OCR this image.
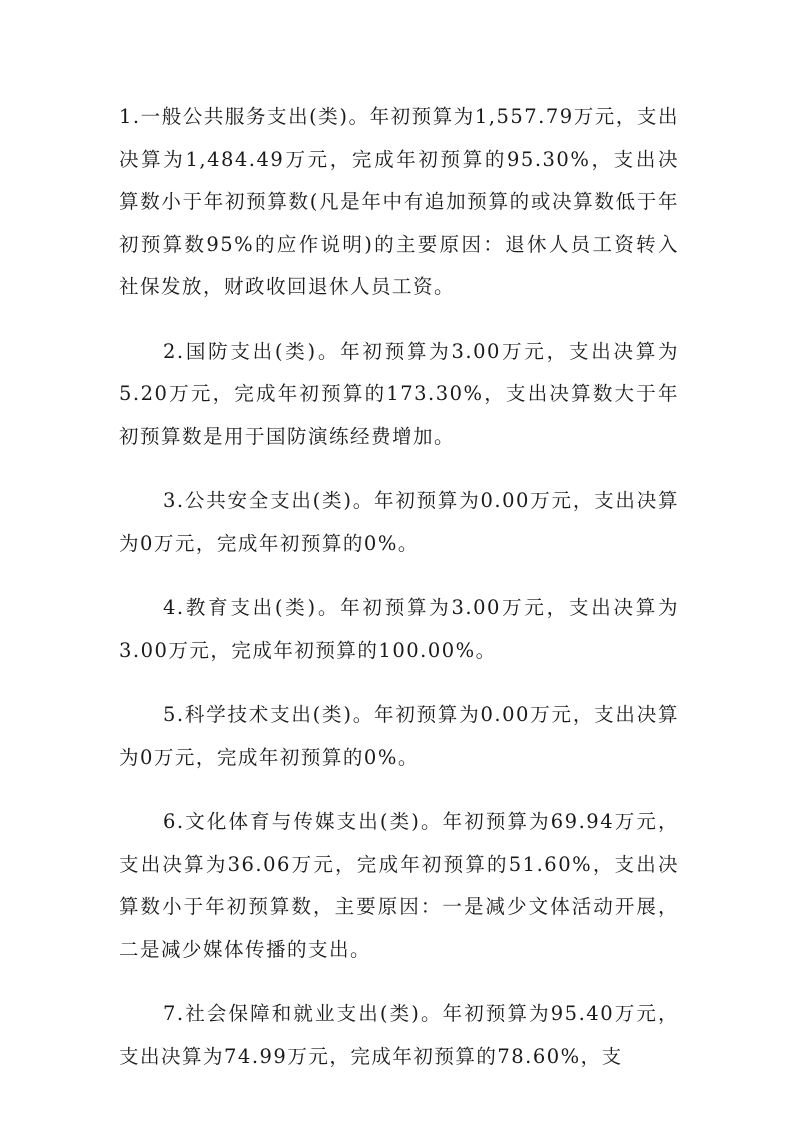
1.一般公共服务支出(类)。年初预算为1,557.79万元，支出决算为1,484.49万元，完成年初预算的95.30%，支出决算数小于年初预算数(凡是年中有追加预算的或决算数低于年初预算数95%的应作说明)的主要原因：退休人员工资转入社保发放，财政收回退休人员工资。

2.国防支出(类)。年初预算为3.00万元，支出决算为5.20万元，完成年初预算的173.30%，支出决算数大于年初预算数是用于国防演练经费增加。

3.公共安全支出(类)。年初预算为0.00万元，支出决算为0万元，完成年初预算的0%。

4.教育支出(类)。年初预算为3.00万元，支出决算为3.00万元，完成年初预算的100.00%。

5.科学技术支出(类)。年初预算为0.00万元，支出决算为0万元，完成年初预算的0%。

6.文化体育与传媒支出(类)。年初预算为69.94万元，支出决算为36.06万元，完成年初预算的51.60%，支出决算数小于年初预算数，主要原因：一是减少文体活动开展，二是减少媒体传播的支出。

7.社会保障和就业支出(类)。年初预算为95.40万元，支出决算为74.99万元，完成年初预算的78.60%，支
